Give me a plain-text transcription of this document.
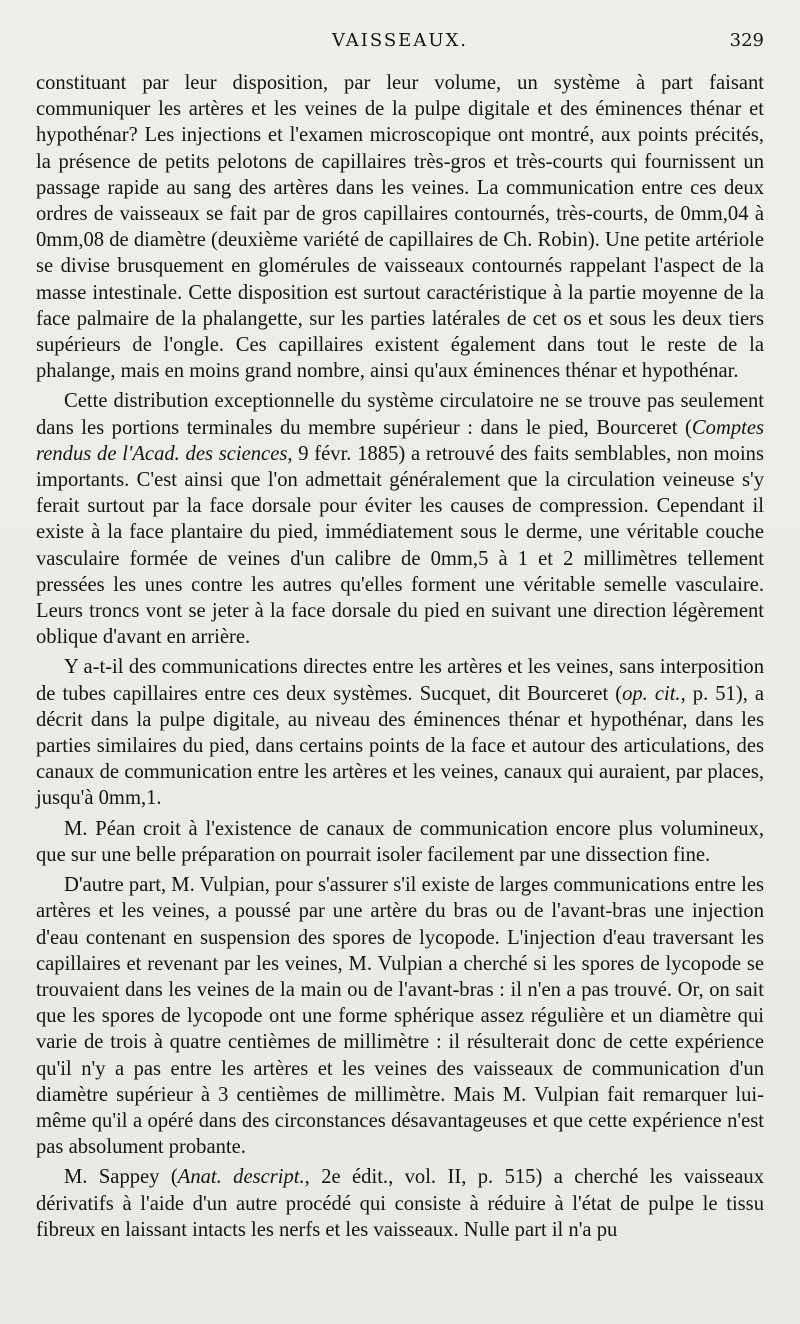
VAISSEAUX.	329

constituant par leur disposition, par leur volume, un système à part faisant communiquer les artères et les veines de la pulpe digitale et des éminences thénar et hypothénar? Les injections et l'examen microscopique ont montré, aux points précités, la présence de petits pelotons de capillaires très-gros et très-courts qui fournissent un passage rapide au sang des artères dans les veines. La communication entre ces deux ordres de vaisseaux se fait par de gros capillaires contournés, très-courts, de 0mm,04 à 0mm,08 de diamètre (deuxième variété de capillaires de Ch. Robin). Une petite artériole se divise brusquement en glomérules de vaisseaux contournés rappelant l'aspect de la masse intestinale. Cette disposition est surtout caractéristique à la partie moyenne de la face palmaire de la phalangette, sur les parties latérales de cet os et sous les deux tiers supérieurs de l'ongle. Ces capillaires existent également dans tout le reste de la phalange, mais en moins grand nombre, ainsi qu'aux éminences thénar et hypothénar.

Cette distribution exceptionnelle du système circulatoire ne se trouve pas seulement dans les portions terminales du membre supérieur : dans le pied, Bourceret (Comptes rendus de l'Acad. des sciences, 9 févr. 1885) a retrouvé des faits semblables, non moins importants. C'est ainsi que l'on admettait généralement que la circulation veineuse s'y ferait surtout par la face dorsale pour éviter les causes de compression. Cependant il existe à la face plantaire du pied, immédiatement sous le derme, une véritable couche vasculaire formée de veines d'un calibre de 0mm,5 à 1 et 2 millimètres tellement pressées les unes contre les autres qu'elles forment une véritable semelle vasculaire. Leurs troncs vont se jeter à la face dorsale du pied en suivant une direction légèrement oblique d'avant en arrière.

Y a-t-il des communications directes entre les artères et les veines, sans interposition de tubes capillaires entre ces deux systèmes. Sucquet, dit Bourceret (op. cit., p. 51), a décrit dans la pulpe digitale, au niveau des éminences thénar et hypothénar, dans les parties similaires du pied, dans certains points de la face et autour des articulations, des canaux de communication entre les artères et les veines, canaux qui auraient, par places, jusqu'à 0mm,1.

M. Péan croit à l'existence de canaux de communication encore plus volumineux, que sur une belle préparation on pourrait isoler facilement par une dissection fine.

D'autre part, M. Vulpian, pour s'assurer s'il existe de larges communications entre les artères et les veines, a poussé par une artère du bras ou de l'avant-bras une injection d'eau contenant en suspension des spores de lycopode. L'injection d'eau traversant les capillaires et revenant par les veines, M. Vulpian a cherché si les spores de lycopode se trouvaient dans les veines de la main ou de l'avant-bras : il n'en a pas trouvé. Or, on sait que les spores de lycopode ont une forme sphérique assez régulière et un diamètre qui varie de trois à quatre centièmes de millimètre : il résulterait donc de cette expérience qu'il n'y a pas entre les artères et les veines des vaisseaux de communication d'un diamètre supérieur à 3 centièmes de millimètre. Mais M. Vulpian fait remarquer lui-même qu'il a opéré dans des circonstances désavantageuses et que cette expérience n'est pas absolument probante.

M. Sappey (Anat. descript., 2e édit., vol. II, p. 515) a cherché les vaisseaux dérivatifs à l'aide d'un autre procédé qui consiste à réduire à l'état de pulpe le tissu fibreux en laissant intacts les nerfs et les vaisseaux. Nulle part il n'a pu
